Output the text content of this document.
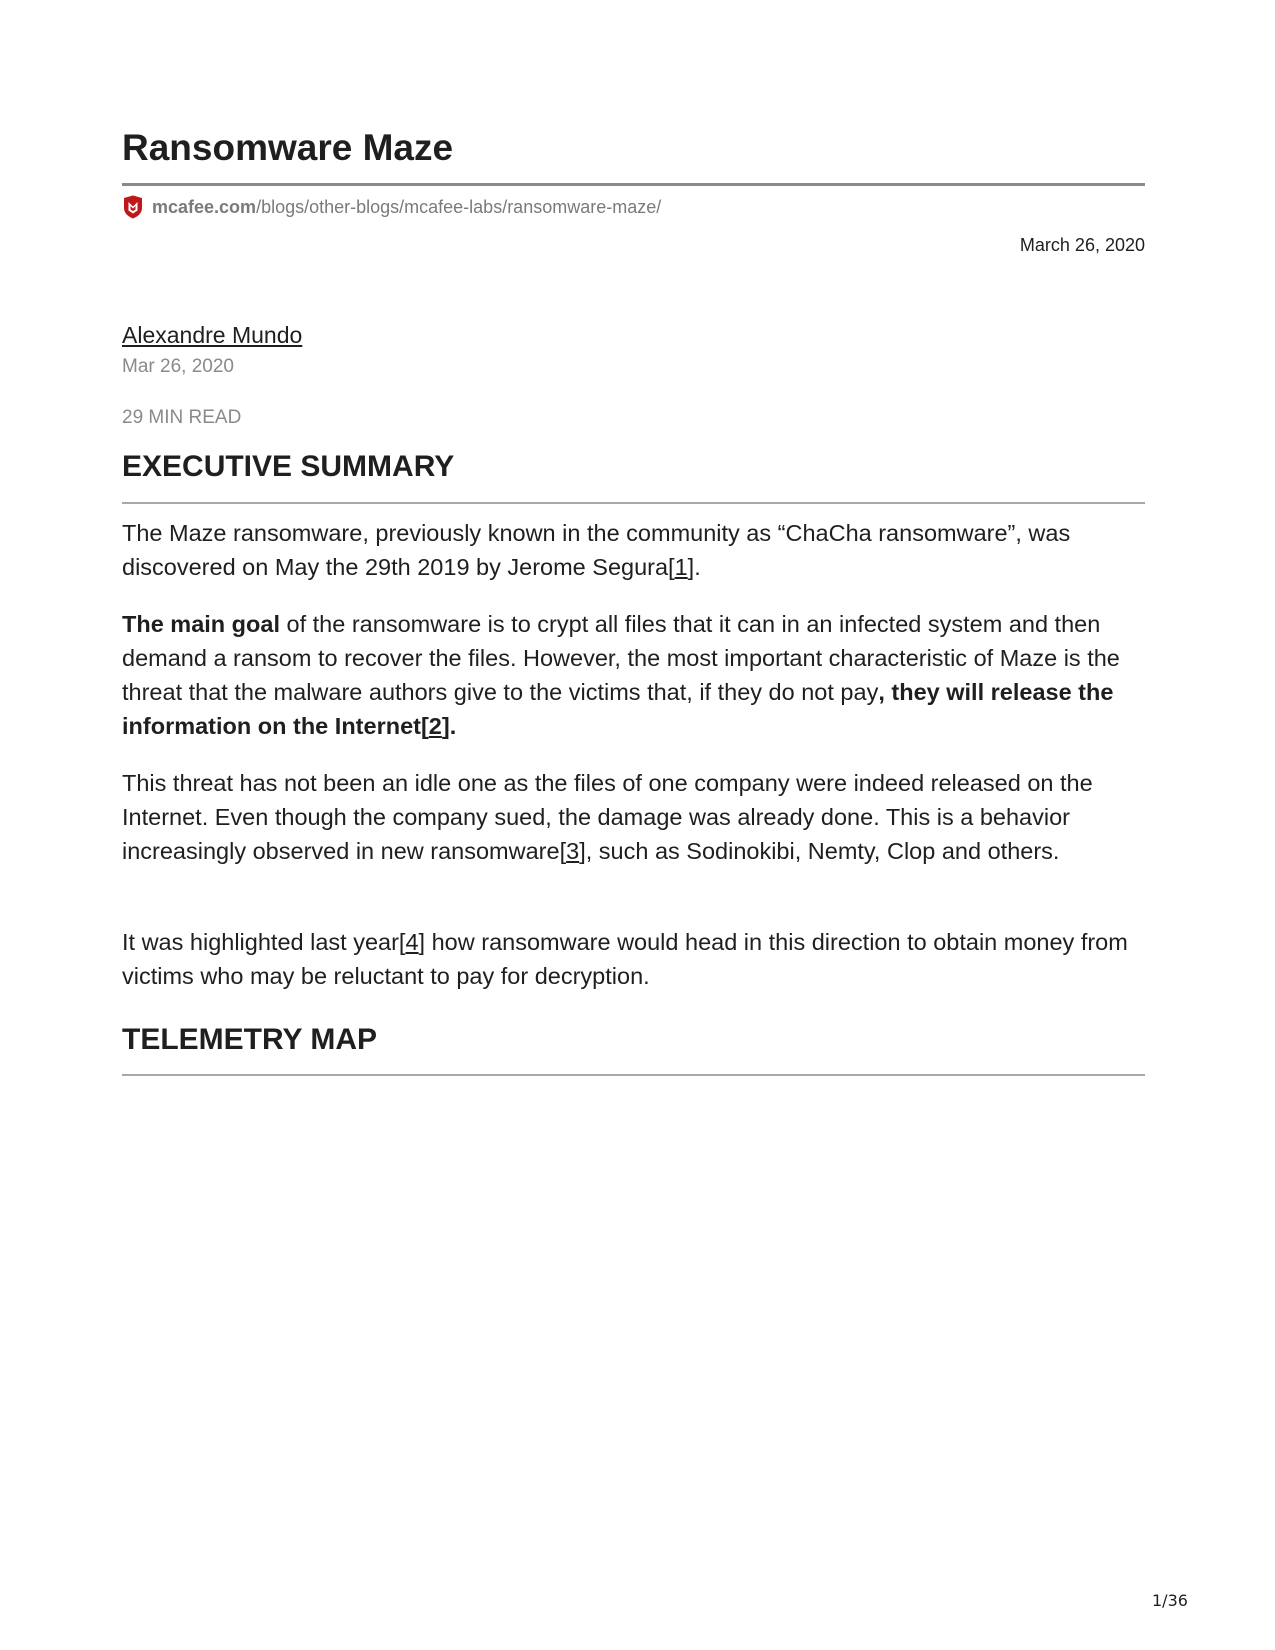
Ransomware Maze
mcafee.com /blogs/other-blogs/mcafee-labs/ransomware-maze/
March 26, 2020
Alexandre Mundo
Mar 26, 2020
29 MIN READ
EXECUTIVE SUMMARY

The Maze ransomware, previously known in the community as “ChaCha ransomware”, was discovered on May the 29th 2019 by Jerome Segura[1].

The main goal of the ransomware is to crypt all files that it can in an infected system and then demand a ransom to recover the files. However, the most important characteristic of Maze is the threat that the malware authors give to the victims that, if they do not pay, they will release the information on the Internet[2].

This threat has not been an idle one as the files of one company were indeed released on the Internet. Even though the company sued, the damage was already done. This is a behavior increasingly observed in new ransomware[3], such as Sodinokibi, Nemty, Clop and others.

It was highlighted last year[4] how ransomware would head in this direction to obtain money from victims who may be reluctant to pay for decryption.

TELEMETRY MAP
1/36
